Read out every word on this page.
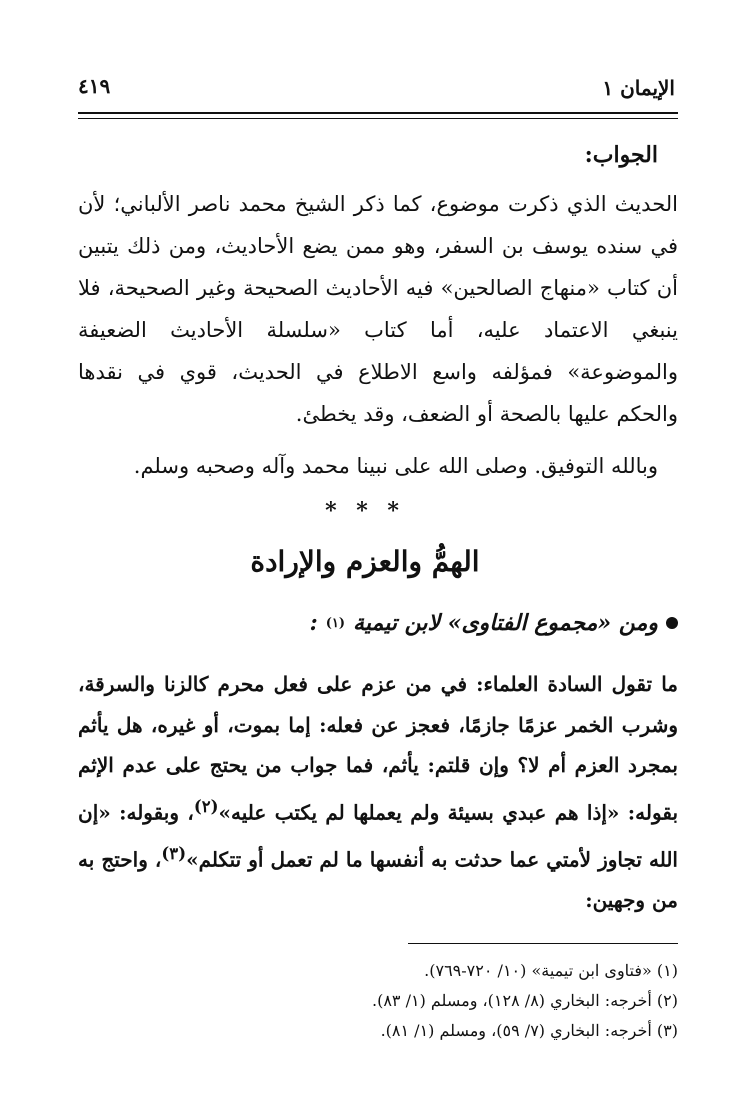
الإيمان ١
٤١٩
الجواب:

الحديث الذي ذكرت موضوع، كما ذكر الشيخ محمد ناصر الألباني؛ لأن في سنده يوسف بن السفر، وهو ممن يضع الأحاديث، ومن ذلك يتبين أن كتاب «منهاج الصالحين» فيه الأحاديث الصحيحة وغير الصحيحة، فلا ينبغي الاعتماد عليه، أما كتاب «سلسلة الأحاديث الضعيفة والموضوعة» فمؤلفه واسع الاطلاع في الحديث، قوي في نقدها والحكم عليها بالصحة أو الضعف، وقد يخطئ.

وبالله التوفيق. وصلى الله على نبينا محمد وآله وصحبه وسلم.

* * *
الهمُّ والعزم والإرادة
ومن «مجموع الفتاوى» لابن تيمية
(١)
:

ما تقول السادة العلماء: في من عزم على فعل محرم كالزنا والسرقة، وشرب الخمر عزمًا جازمًا، فعجز عن فعله: إما بموت، أو غيره، هل يأثم بمجرد العزم أم لا؟ وإن قلتم: يأثم، فما جواب من يحتج على عدم الإثم بقوله: «إذا هم عبدي بسيئة ولم يعملها لم يكتب عليه»$^{(٢)}$، وبقوله: «إن الله تجاوز لأمتي عما حدثت به أنفسها ما لم تعمل أو تتكلم»$^{(٣)}$، واحتج به من وجهين:

(١) «فتاوى ابن تيمية» (١٠/ ٧٢٠-٧٦٩).
(٢) أخرجه: البخاري (٨/ ١٢٨)، ومسلم (١/ ٨٣).
(٣) أخرجه: البخاري (٧/ ٥٩)، ومسلم (١/ ٨١).
